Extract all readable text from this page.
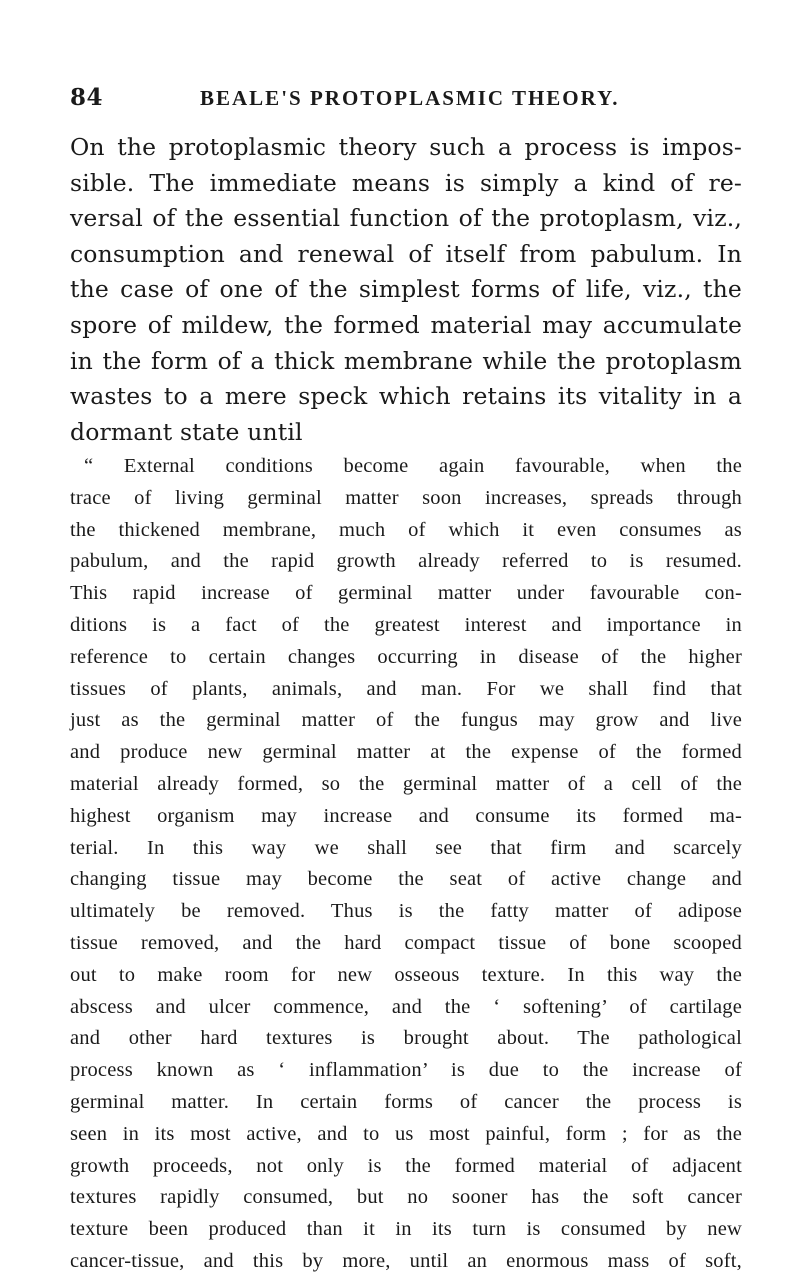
84	BEALE'S PROTOPLASMIC THEORY.
On the protoplasmic theory such a process is impos-
sible. The immediate means is simply a kind of re-
versal of the essential function of the protoplasm, viz.,
consumption and renewal of itself from pabulum. In
the case of one of the simplest forms of life, viz., the
spore of mildew, the formed material may accumulate
in the form of a thick membrane while the protoplasm
wastes to a mere speck which retains its vitality in a
dormant state until
“ External conditions become again favourable, when the
trace of living germinal matter soon increases, spreads through
the thickened membrane, much of which it even consumes as
pabulum, and the rapid growth already referred to is resumed.
This rapid increase of germinal matter under favourable con-
ditions is a fact of the greatest interest and importance in
reference to certain changes occurring in disease of the higher
tissues of plants, animals, and man. For we shall find that
just as the germinal matter of the fungus may grow and live
and produce new germinal matter at the expense of the formed
material already formed, so the germinal matter of a cell of the
highest organism may increase and consume its formed ma-
terial. In this way we shall see that firm and scarcely
changing tissue may become the seat of active change and
ultimately be removed. Thus is the fatty matter of adipose
tissue removed, and the hard compact tissue of bone scooped
out to make room for new osseous texture. In this way the
abscess and ulcer commence, and the ‘ softening’ of cartilage
and other hard textures is brought about. The pathological
process known as ‘ inflammation’ is due to the increase of
germinal matter. In certain forms of cancer the process is
seen in its most active, and to us most painful, form ; for as the
growth proceeds, not only is the formed material of adjacent
textures rapidly consumed, but no sooner has the soft cancer
texture been produced than it in its turn is consumed by new
cancer-tissue, and this by more, until an enormous mass of soft,
